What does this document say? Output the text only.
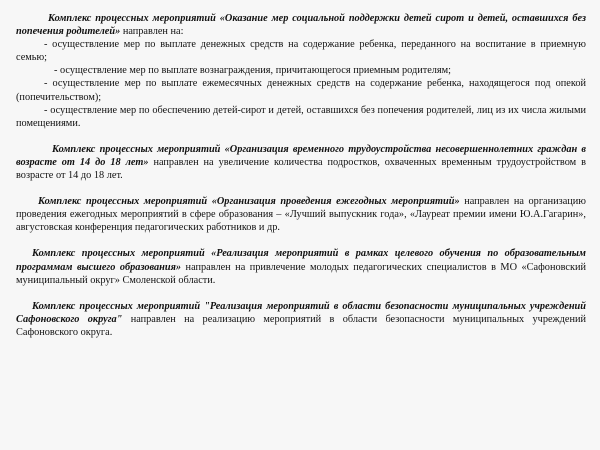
Комплекс процессных мероприятий «Оказание мер социальной поддержки детей сирот и детей, оставшихся без попечения родителей» направлен на:
- осуществление мер по выплате денежных средств на содержание ребенка, переданного на воспитание в приемную семью;
- осуществление мер по выплате вознаграждения, причитающегося приемным родителям;
- осуществление мер по выплате ежемесячных денежных средств на содержание ребенка, находящегося под опекой (попечительством);
- осуществление мер по обеспечению детей-сирот и детей, оставшихся без попечения родителей, лиц из их числа жилыми помещениями.

Комплекс процессных мероприятий «Организация временного трудоустройства несовершеннолетних граждан в возрасте от 14 до 18 лет» направлен на увеличение количества подростков, охваченных временным трудоустройством в возрасте от 14 до 18 лет.

Комплекс процессных мероприятий «Организация проведения ежегодных мероприятий» направлен на организацию проведения ежегодных мероприятий в сфере образования – «Лучший выпускник года», «Лауреат премии имени Ю.А.Гагарин», августовская конференция педагогических работников и др.

Комплекс процессных мероприятий «Реализация мероприятий в рамках целевого обучения по образовательным программам высшего образования» направлен на привлечение молодых педагогических специалистов в МО «Сафоновский муниципальный округ» Смоленской области.

Комплекс процессных мероприятий "Реализация мероприятий в области безопасности муниципальных учреждений Сафоновского округа" направлен на реализацию мероприятий в области безопасности муниципальных учреждений Сафоновского округа.
